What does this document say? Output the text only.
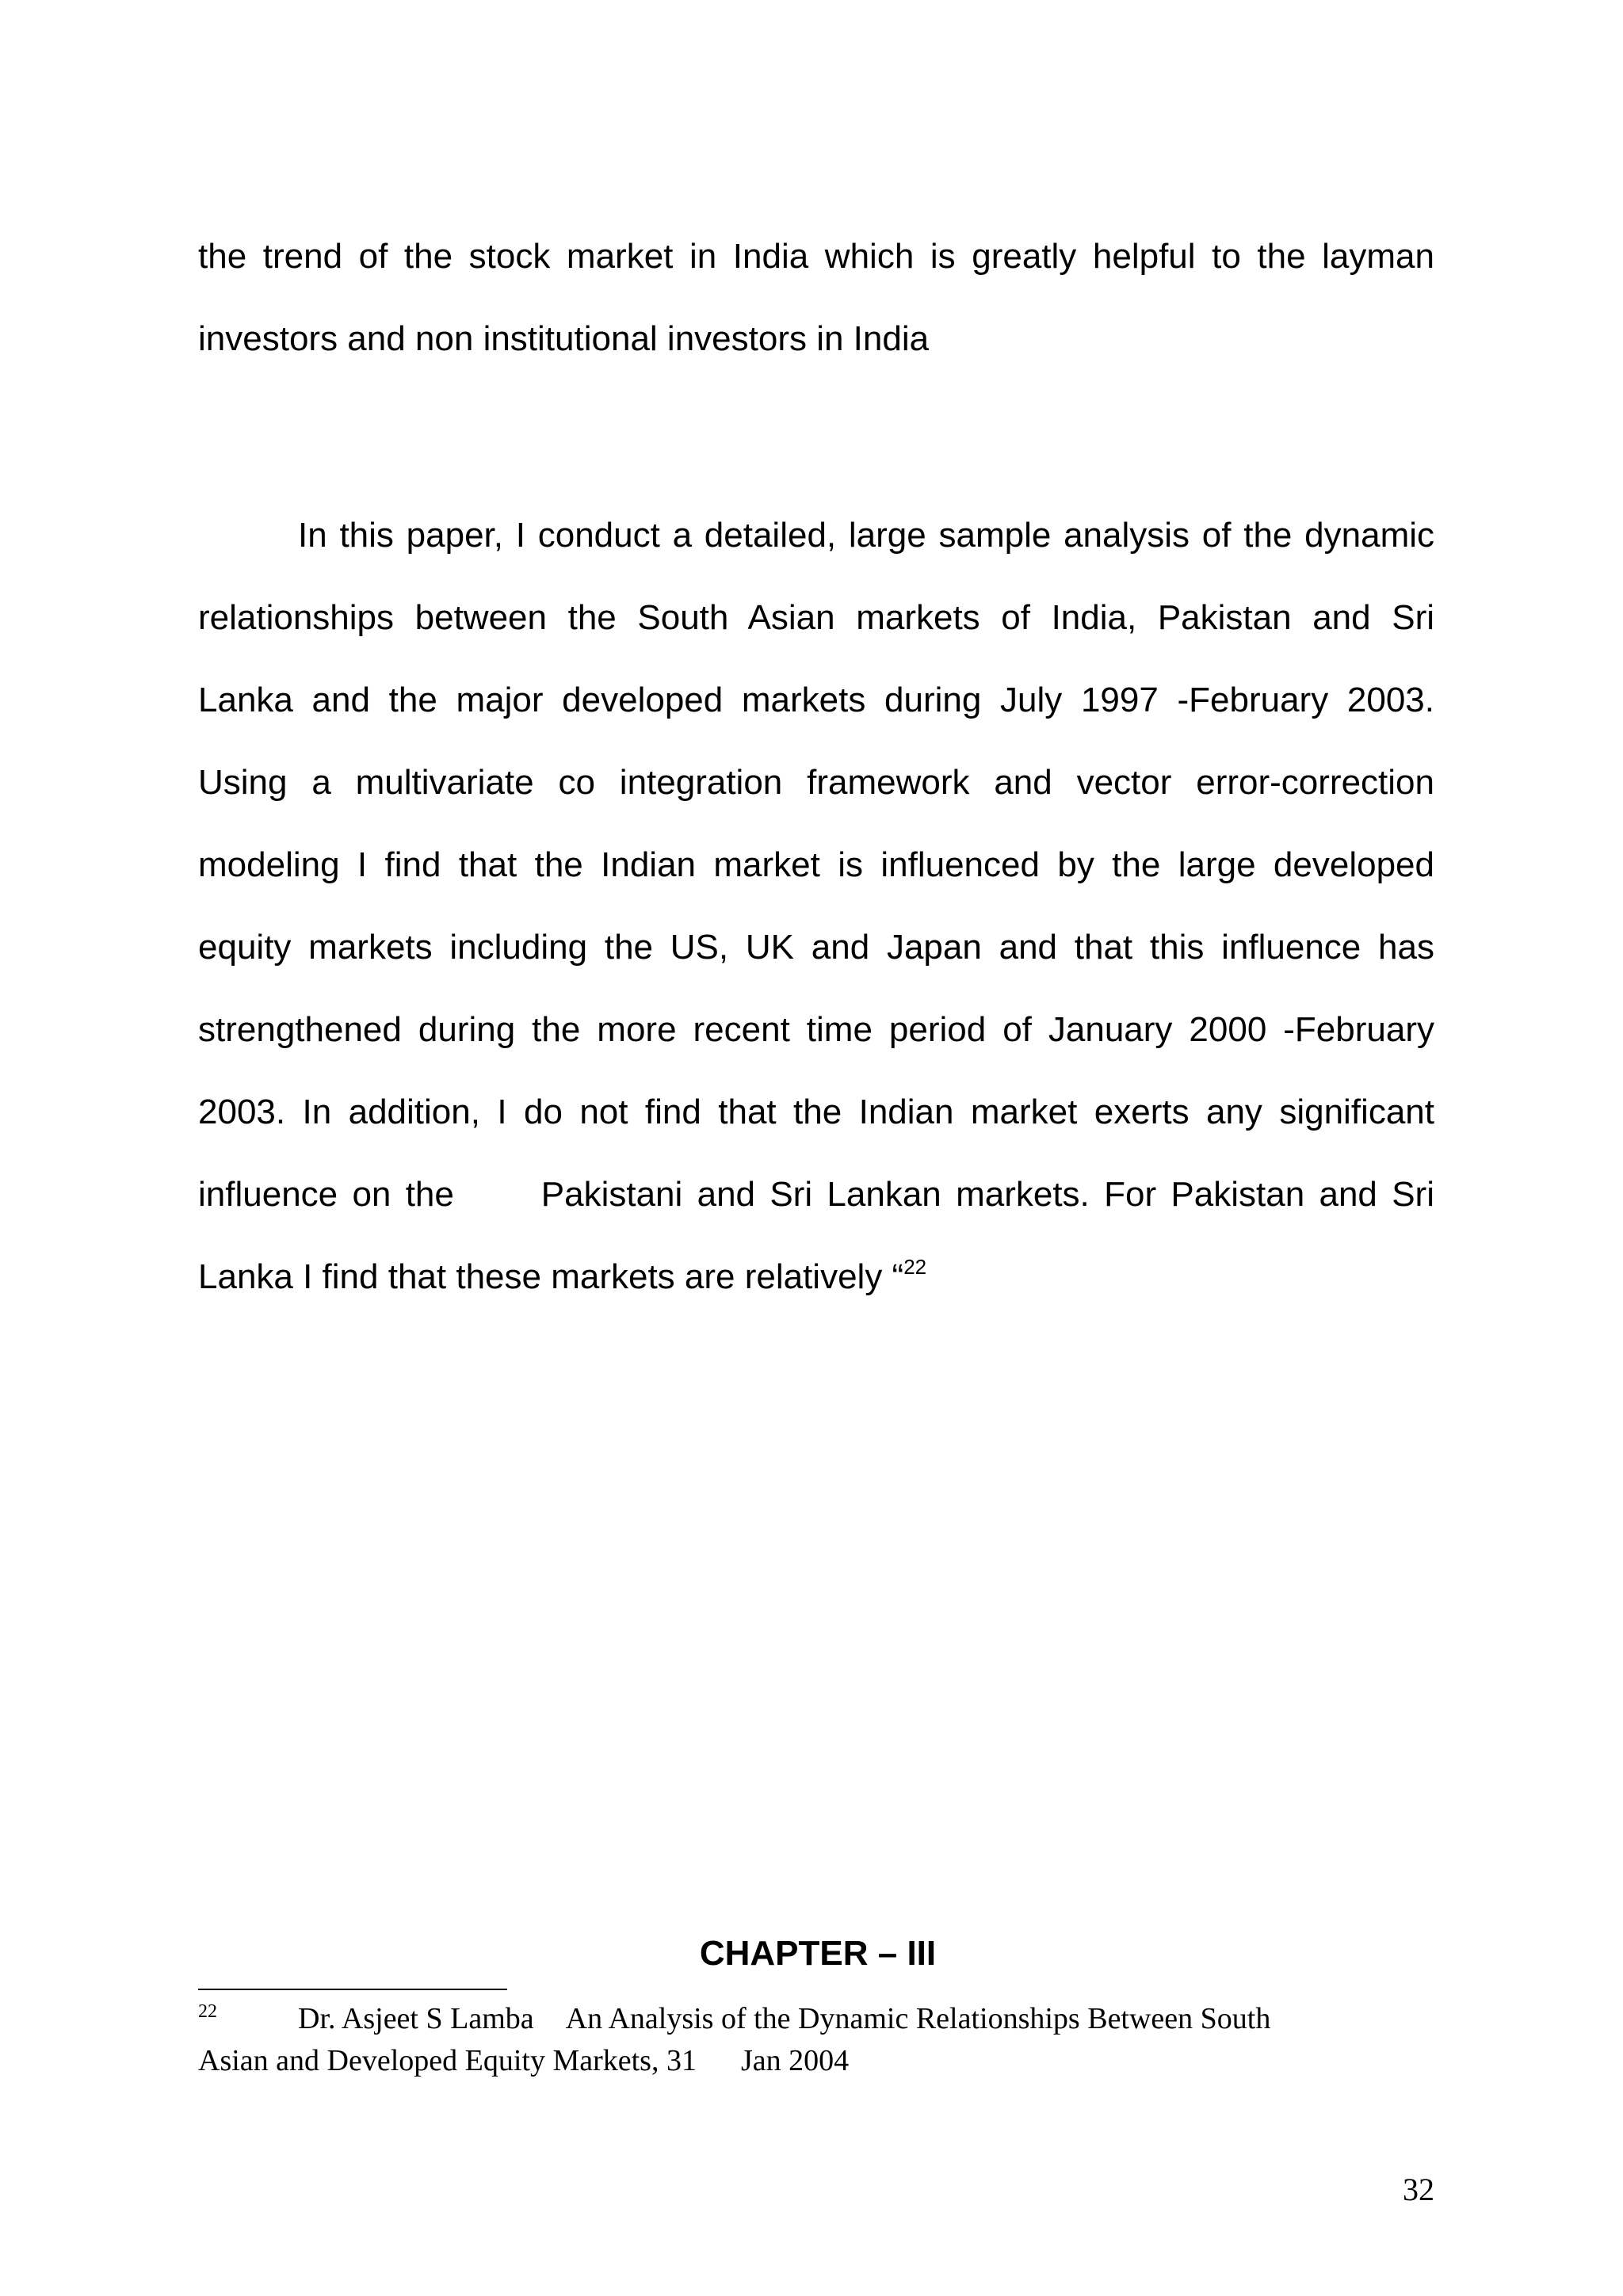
the trend of the stock market in India which is greatly helpful to the layman
investors and non institutional investors in India

In this paper, I conduct a detailed, large sample analysis of the dynamic
relationships between the South Asian markets of India, Pakistan and Sri
Lanka and the major developed markets during July 1997 -February 2003.
Using a multivariate co integration framework and vector error-correction
modeling I find that the Indian market is influenced by the large developed
equity markets including the US, UK and Japan and that this influence has
strengthened during the more recent time period of January 2000 -February
2003. In addition, I do not find that the Indian market exerts any significant
influence on the      Pakistani and Sri Lankan markets. For Pakistan and Sri
Lanka I find that these markets are relatively “$^{22}$

CHAPTER – III

22	Dr. Asjeet S Lamba An Analysis of the Dynamic Relationships Between South
Asian and Developed Equity Markets, 31 Jan 2004

32
